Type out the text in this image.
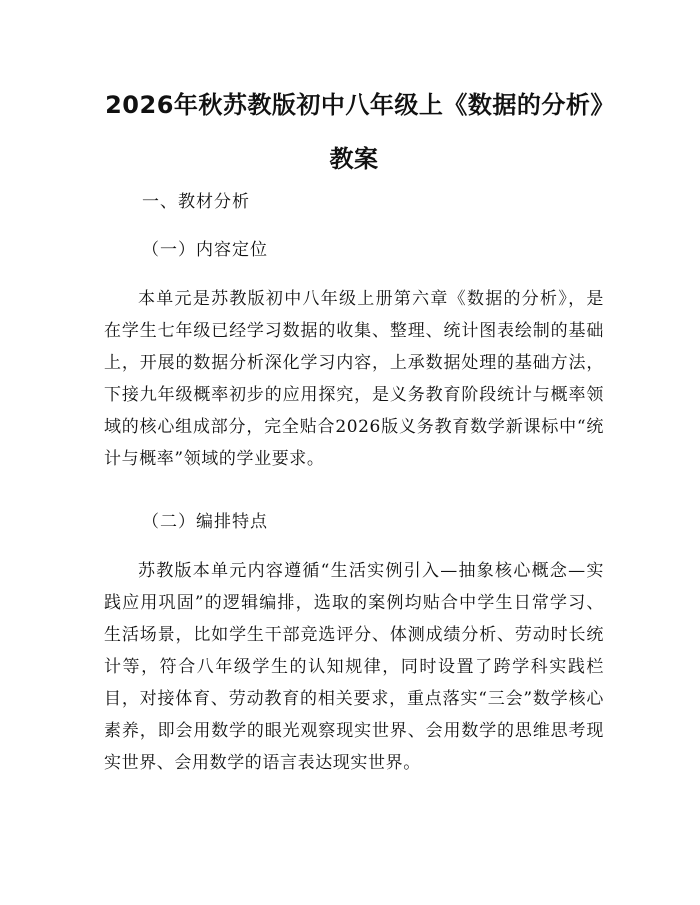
2026年秋苏教版初中八年级上《数据的分析》教案

一、教材分析

（一）内容定位

本单元是苏教版初中八年级上册第六章《数据的分析》，是在学生七年级已经学习数据的收集、整理、统计图表绘制的基础上，开展的数据分析深化学习内容，上承数据处理的基础方法，下接九年级概率初步的应用探究，是义务教育阶段统计与概率领域的核心组成部分，完全贴合2026版义务教育数学新课标中“统计与概率”领域的学业要求。

（二）编排特点

苏教版本单元内容遵循“生活实例引入—抽象核心概念—实践应用巩固”的逻辑编排，选取的案例均贴合中学生日常学习、生活场景，比如学生干部竞选评分、体测成绩分析、劳动时长统计等，符合八年级学生的认知规律，同时设置了跨学科实践栏目，对接体育、劳动教育的相关要求，重点落实“三会”数学核心素养，即会用数学的眼光观察现实世界、会用数学的思维思考现实世界、会用数学的语言表达现实世界。
